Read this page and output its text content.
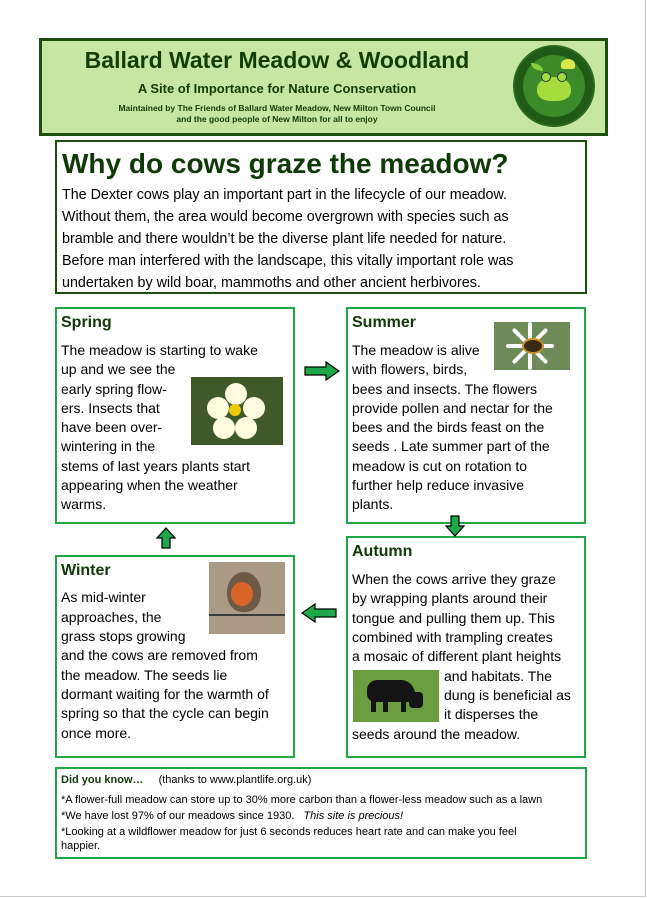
Ballard Water Meadow & Woodland
A Site of Importance for Nature Conservation
Maintained by The Friends of Ballard Water Meadow, New Milton Town Council
and the good people of New Milton for all to enjoy
Why do cows graze the meadow?
The Dexter cows play an important part in the lifecycle of our meadow.
Without them, the area would become overgrown with species such as
bramble and there wouldn’t be the diverse plant life needed for nature.
Before man interfered with the landscape, this vitally important role was
undertaken by wild boar, mammoths and other ancient herbivores.
Spring
The meadow is starting to wake
up and we see the
early spring flow-
ers. Insects that
have been over-
wintering in the
stems of last years plants start
appearing when the weather
warms.
Summer
The meadow is alive
with flowers, birds,
bees and insects. The flowers
provide pollen and nectar for the
bees and the birds feast on the
seeds . Late summer part of the
meadow is cut on rotation to
further help reduce invasive
plants.
Autumn
When the cows arrive they graze
by wrapping plants around their
tongue and pulling them up. This
combined with trampling creates
a mosaic of different plant heights
and habitats. The
dung is beneficial as
it disperses the
seeds around the meadow.
Winter
As mid-winter
approaches, the
grass stops growing
and the cows are removed from
the meadow. The seeds lie
dormant waiting for the warmth of
spring so that the cycle can begin
once more.
Did you know… (thanks to www.plantlife.org.uk)
*A flower-full meadow can store up to 30% more carbon than a flower-less meadow such as a lawn
*We have lost 97% of our meadows since 1930. This site is precious!
*Looking at a wildflower meadow for just 6 seconds reduces heart rate and can make you feel
happier.
